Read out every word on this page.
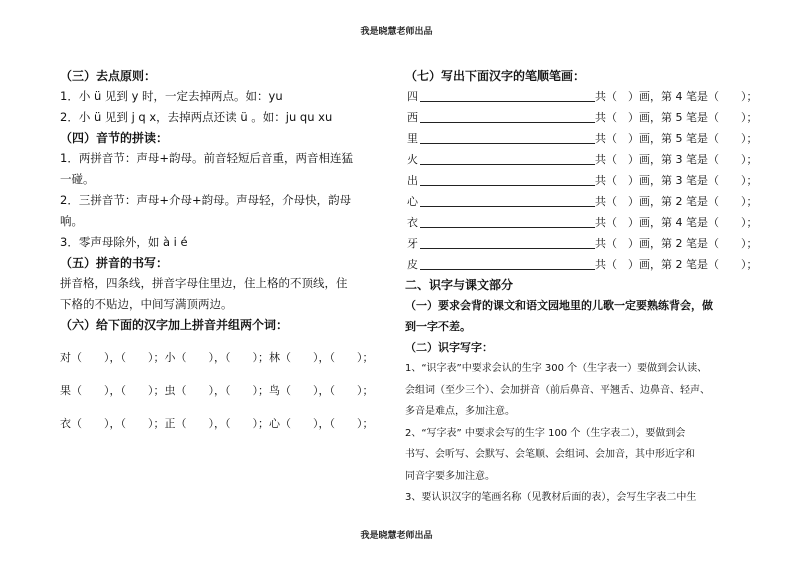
我是晓慧老师出品

（三）去点原则：

1．小 ü 见到 y 时，一定去掉两点。如：yu

2．小 ü 见到 j q x，去掉两点还读 ü 。如：ju qu xu

（四）音节的拼读：

1．两拼音节：声母+韵母。前音轻短后音重，两音相连猛

一碰。

2．三拼音节：声母+介母+韵母。声母轻，介母快，韵母

响。

3．零声母除外，如 à i é

（五）拼音的书写：

拼音格，四条线，拼音字母住里边，住上格的不顶线，住

下格的不贴边，中间写满顶两边。

（六）给下面的汉字加上拼音并组两个词：

对（　　），（　　）； 小（　　），（　　）； 林（　　），（　　）；
果（　　），（　　）； 虫（　　），（　　）； 鸟（　　），（　　）；
衣（　　），（　　）； 正（　　），（　　）； 心（　　），（　　）；

（七）写出下面汉字的笔顺笔画：

四	共（　）画，第 4 笔是（　　）；
西	共（　）画，第 5 笔是（　　）；
里	共（　）画，第 5 笔是（　　）；
火	共（　）画，第 3 笔是（　　）；
出	共（　）画，第 3 笔是（　　）；
心	共（　）画，第 2 笔是（　　）；
衣	共（　）画，第 4 笔是（　　）；
牙	共（　）画，第 2 笔是（　　）；
皮	共（　）画，第 2 笔是（　　）；

二、识字与课文部分

（一）要求会背的课文和语文园地里的儿歌一定要熟练背会，做

到一字不差。

（二）识字写字：

1、“识字表”中要求会认的生字 300 个（生字表一）要做到会认读、

会组词（至少三个）、会加拼音（前后鼻音、平翘舌、边鼻音、轻声、

多音是难点，多加注意。

2、“写字表” 中要求会写的生字 100 个（生字表二），要做到会

书写、会听写、会默写、会笔顺、会组词、会加音，其中形近字和

同音字要多加注意。

3、要认识汉字的笔画名称（见教材后面的表），会写生字表二中生

我是晓慧老师出品
